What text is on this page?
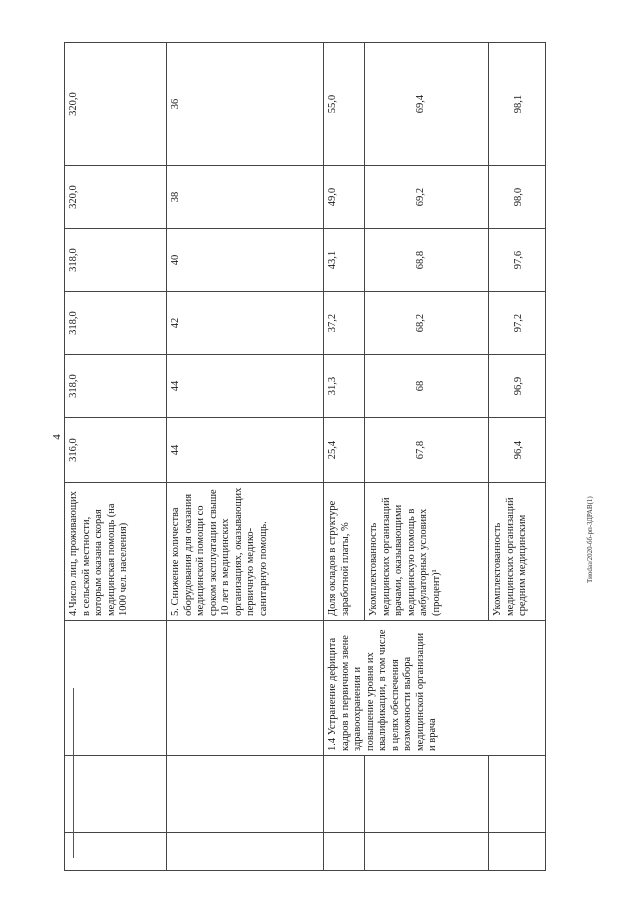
4
			4.Число лиц, проживающих в сельской местности, которым оказана скорая медицинская помощь (на 1000 чел. населения)	316,0	318,0	318,0	318,0	320,0	320,0
			5. Снижение количества оборудования для оказания медицинской помощи со сроком эксплуатации свыше 10 лет в медицинских организациях, оказывающих первичную медико-санитарную помощь.	44	44	42	40	38	36
		1.4 Устранение дефицита кадров в первичном звене здравоохранения и повышение уровня их квалификации, в том числе в целях обеспечения возможности выбора медицинской организации и врача	Доля окладов в структуре заработной платы, %	25,4	31,3	37,2	43,1	49,0	55,0
			Укомплектованность медицинских организаций врачами, оказывающими медицинскую помощь в амбулаторных условиях (процент)¹	67,8	68	68,2	68,8	69,2	69,4
			Укомплектованность медицинских организаций средним медицинским	96,4	96,9	97,2	97,6	98,0	98,1
Тиоdaз/2020-бб-рп-ЗДРАВ(1)
